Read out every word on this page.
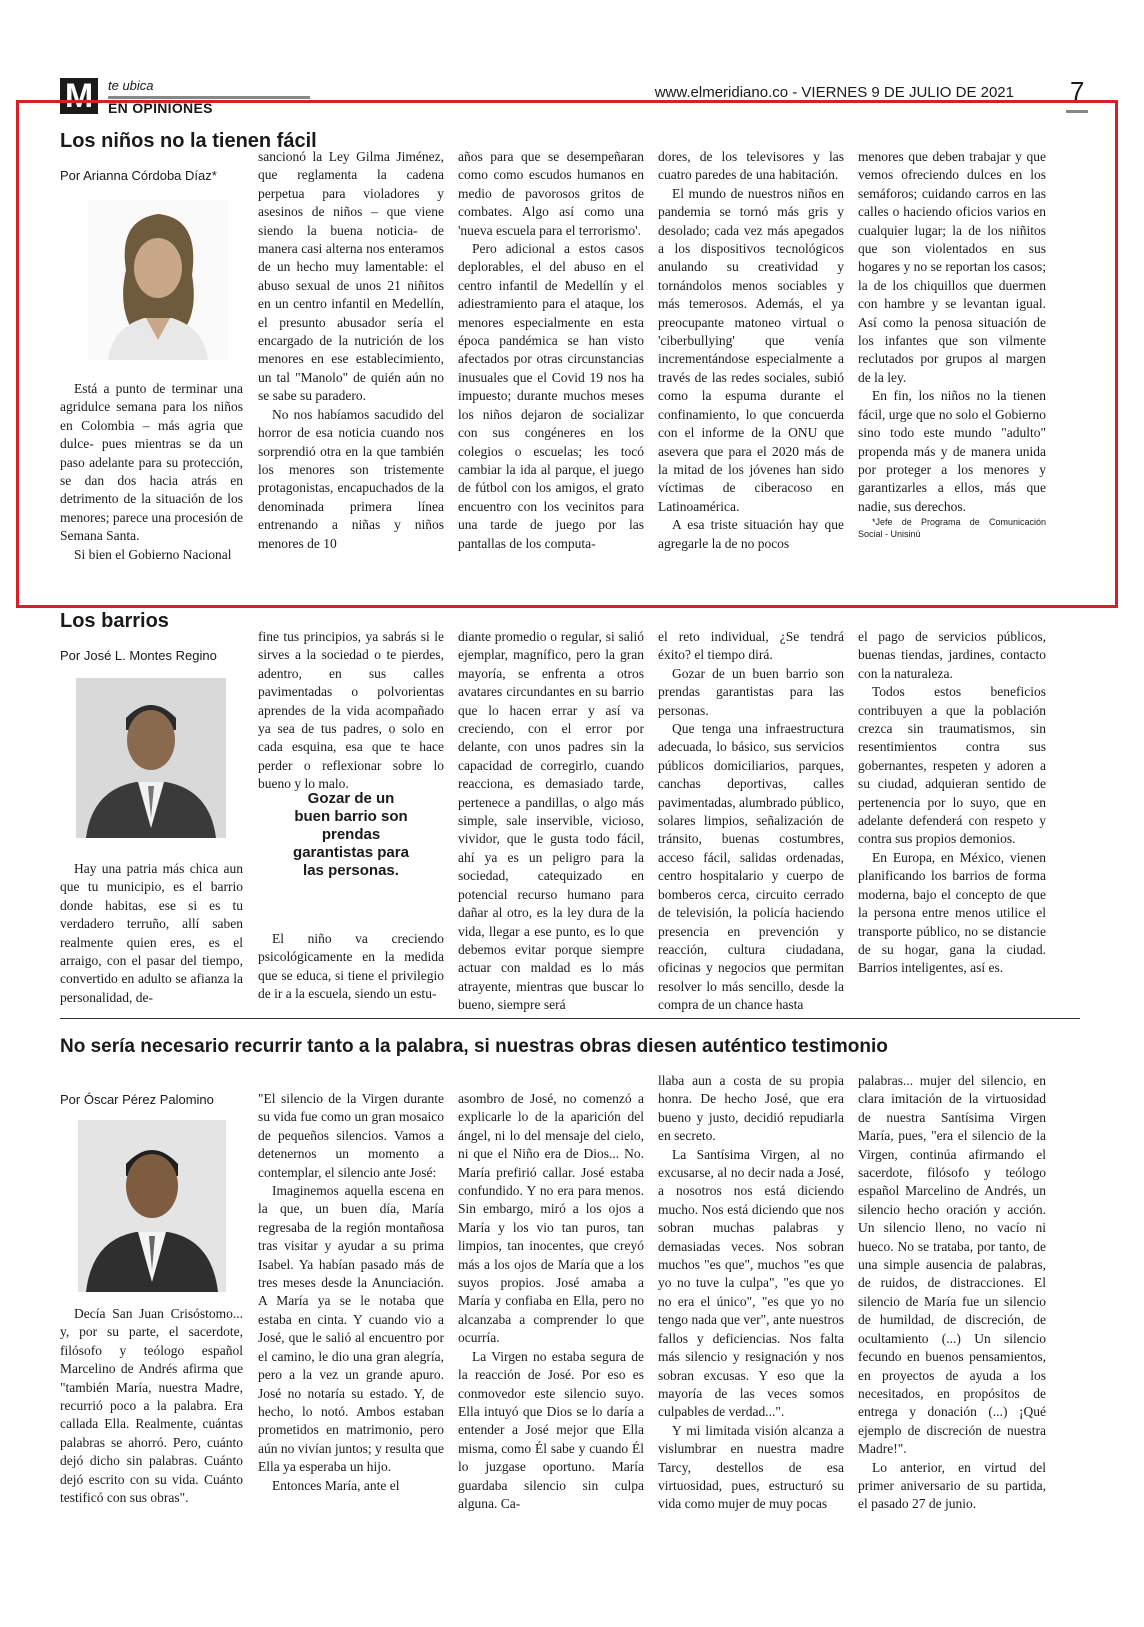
M	te ubica
EN OPINIONES
www.elmeridiano.co - VIERNES 9 DE JULIO DE 2021 7
Los niños no la tienen fácil
Por Arianna Córdoba Díaz*

Está a punto de terminar una agridulce semana para los niños en Colombia – más agria que dulce- pues mientras se da un paso adelante para su protección, se dan dos hacia atrás en detrimento de la situación de los menores; parece una procesión de Semana Santa.

Si bien el Gobierno Nacional

sancionó la Ley Gilma Jiménez, que reglamenta la cadena perpetua para violadores y asesinos de niños – que viene siendo la buena noticia- de manera casi alterna nos enteramos de un hecho muy lamentable: el abuso sexual de unos 21 niñitos en un centro infantil en Medellín, el presunto abusador sería el encargado de la nutrición de los menores en ese establecimiento, un tal "Manolo" de quién aún no se sabe su paradero.

No nos habíamos sacudido del horror de esa noticia cuando nos sorprendió otra en la que también los menores son tristemente protagonistas, encapuchados de la denominada primera línea entrenando a niñas y niños menores de 10

años para que se desempeñaran como como escudos humanos en medio de pavorosos gritos de combates. Algo así como una 'nueva escuela para el terrorismo'.

Pero adicional a estos casos deplorables, el del abuso en el centro infantil de Medellín y el adiestramiento para el ataque, los menores especialmente en esta época pandémica se han visto afectados por otras circunstancias inusuales que el Covid 19 nos ha impuesto; durante muchos meses los niños dejaron de socializar con sus congéneres en los colegios o escuelas; les tocó cambiar la ida al parque, el juego de fútbol con los amigos, el grato encuentro con los vecinitos para una tarde de juego por las pantallas de los computa-

dores, de los televisores y las cuatro paredes de una habitación.

El mundo de nuestros niños en pandemia se tornó más gris y desolado; cada vez más apegados a los dispositivos tecnológicos anulando su creatividad y tornándolos menos sociables y más temerosos. Además, el ya preocupante matoneo virtual o 'ciberbullying' que venía incrementándose especialmente a través de las redes sociales, subió como la espuma durante el confinamiento, lo que concuerda con el informe de la ONU que asevera que para el 2020 más de la mitad de los jóvenes han sido víctimas de ciberacoso en Latinoamérica.

A esa triste situación hay que agregarle la de no pocos

menores que deben trabajar y que vemos ofreciendo dulces en los semáforos; cuidando carros en las calles o haciendo oficios varios en cualquier lugar; la de los niñitos que son violentados en sus hogares y no se reportan los casos; la de los chiquillos que duermen con hambre y se levantan igual. Así como la penosa situación de los infantes que son vilmente reclutados por grupos al margen de la ley.

En fin, los niños no la tienen fácil, urge que no solo el Gobierno sino todo este mundo "adulto" propenda más y de manera unida por proteger a los menores y garantizarles a ellos, más que nadie, sus derechos.

*Jefe de Programa de Comunicación Social - Unisinú

Los barrios
Por José L. Montes Regino

Hay una patria más chica aun que tu municipio, es el barrio donde habitas, ese si es tu verdadero terruño, allí saben realmente quien eres, es el arraigo, con el pasar del tiempo, convertido en adulto se afianza la personalidad, de-

fine tus principios, ya sabrás si le sirves a la sociedad o te pierdes, adentro, en sus calles pavimentadas o polvorientas aprendes de la vida acompañado ya sea de tus padres, o solo en cada esquina, esa que te hace perder o reflexionar sobre lo bueno y lo malo.

Gozar de un buen barrio son prendas garantistas para las personas.

El niño va creciendo psicológicamente en la medida que se educa, si tiene el privilegio de ir a la escuela, siendo un estu-

diante promedio o regular, si salió ejemplar, magnífico, pero la gran mayoría, se enfrenta a otros avatares circundantes en su barrio que lo hacen errar y así va creciendo, con el error por delante, con unos padres sin la capacidad de corregirlo, cuando reacciona, es demasiado tarde, pertenece a pandillas, o algo más simple, sale inservible, vicioso, vividor, que le gusta todo fácil, ahí ya es un peligro para la sociedad, catequizado en potencial recurso humano para dañar al otro, es la ley dura de la vida, llegar a ese punto, es lo que debemos evitar porque siempre actuar con maldad es lo más atrayente, mientras que buscar lo bueno, siempre será

el reto individual, ¿Se tendrá éxito? el tiempo dirá.

Gozar de un buen barrio son prendas garantistas para las personas.

Que tenga una infraestructura adecuada, lo básico, sus servicios públicos domiciliarios, parques, canchas deportivas, calles pavimentadas, alumbrado público, solares limpios, señalización de tránsito, buenas costumbres, acceso fácil, salidas ordenadas, centro hospitalario y cuerpo de bomberos cerca, circuito cerrado de televisión, la policía haciendo presencia en prevención y reacción, cultura ciudadana, oficinas y negocios que permitan resolver lo más sencillo, desde la compra de un chance hasta

el pago de servicios públicos, buenas tiendas, jardines, contacto con la naturaleza.

Todos estos beneficios contribuyen a que la población crezca sin traumatismos, sin resentimientos contra sus gobernantes, respeten y adoren a su ciudad, adquieran sentido de pertenencia por lo suyo, que en adelante defenderá con respeto y contra sus propios demonios.

En Europa, en México, vienen planificando los barrios de forma moderna, bajo el concepto de que la persona entre menos utilice el transporte público, no se distancie de su hogar, gana la ciudad. Barrios inteligentes, así es.

No sería necesario recurrir tanto a la palabra, si nuestras obras diesen auténtico testimonio
Por Óscar Pérez Palomino

Decía San Juan Crisóstomo... y, por su parte, el sacerdote, filósofo y teólogo español Marcelino de Andrés afirma que "también María, nuestra Madre, recurrió poco a la palabra. Era callada Ella. Realmente, cuántas palabras se ahorró. Pero, cuánto dejó dicho sin palabras. Cuánto dejó escrito con su vida. Cuánto testificó con sus obras".

"El silencio de la Virgen durante su vida fue como un gran mosaico de pequeños silencios. Vamos a detenernos un momento a contemplar, el silencio ante José:

Imaginemos aquella escena en la que, un buen día, María regresaba de la región montañosa tras visitar y ayudar a su prima Isabel. Ya habían pasado más de tres meses desde la Anunciación. A María ya se le notaba que estaba en cinta. Y cuando vio a José, que le salió al encuentro por el camino, le dio una gran alegría, pero a la vez un grande apuro. José no notaría su estado. Y, de hecho, lo notó. Ambos estaban prometidos en matrimonio, pero aún no vivían juntos; y resulta que Ella ya esperaba un hijo.

Entonces María, ante el

asombro de José, no comenzó a explicarle lo de la aparición del ángel, ni lo del mensaje del cielo, ni que el Niño era de Dios... No. María prefirió callar. José estaba confundido. Y no era para menos. Sin embargo, miró a los ojos a María y los vio tan puros, tan limpios, tan inocentes, que creyó más a los ojos de María que a los suyos propios. José amaba a María y confiaba en Ella, pero no alcanzaba a comprender lo que ocurría.

La Virgen no estaba segura de la reacción de José. Por eso es conmovedor este silencio suyo. Ella intuyó que Dios se lo daría a entender a José mejor que Ella misma, como Él sabe y cuando Él lo juzgase oportuno. María guardaba silencio sin culpa alguna. Ca-

llaba aun a costa de su propia honra. De hecho José, que era bueno y justo, decidió repudiarla en secreto.

La Santísima Virgen, al no excusarse, al no decir nada a José, a nosotros nos está diciendo mucho. Nos está diciendo que nos sobran muchas palabras y demasiadas veces. Nos sobran muchos "es que", muchos "es que yo no tuve la culpa", "es que yo no era el único", "es que yo no tengo nada que ver", ante nuestros fallos y deficiencias. Nos falta más silencio y resignación y nos sobran excusas. Y eso que la mayoría de las veces somos culpables de verdad...".

Y mi limitada visión alcanza a vislumbrar en nuestra madre Tarcy, destellos de esa virtuosidad, pues, estructuró su vida como mujer de muy pocas

palabras... mujer del silencio, en clara imitación de la virtuosidad de nuestra Santísima Virgen María, pues, "era el silencio de la Virgen, continúa afirmando el sacerdote, filósofo y teólogo español Marcelino de Andrés, un silencio hecho oración y acción. Un silencio lleno, no vacío ni hueco. No se trataba, por tanto, de una simple ausencia de palabras, de ruidos, de distracciones. El silencio de María fue un silencio de humildad, de discreción, de ocultamiento (...) Un silencio fecundo en buenos pensamientos, en proyectos de ayuda a los necesitados, en propósitos de entrega y donación (...) ¡Qué ejemplo de discreción de nuestra Madre!".

Lo anterior, en virtud del primer aniversario de su partida, el pasado 27 de junio.
